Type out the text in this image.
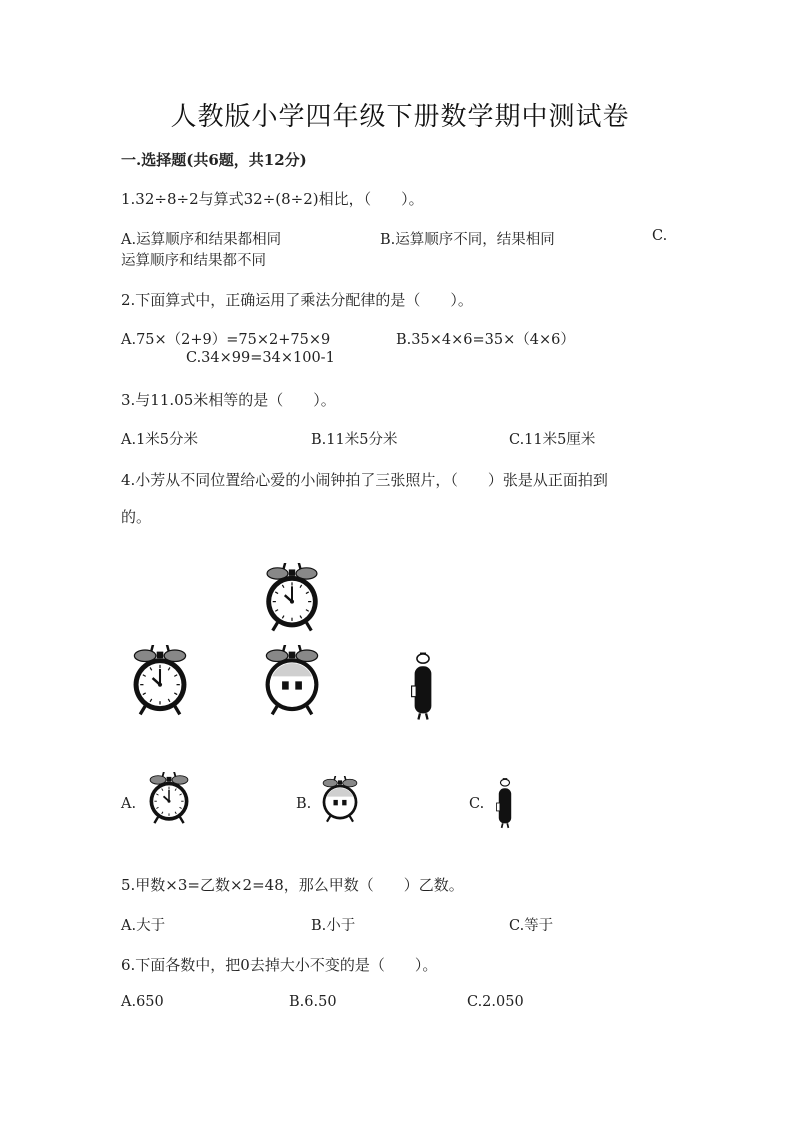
人教版小学四年级下册数学期中测试卷
一.选择题(共6题，共12分)
1.32÷8÷2与算式32÷(8÷2)相比，（　　）。
A.运算顺序和结果都相同	B.运算顺序不同，结果相同	C.
运算顺序和结果都不同
2.下面算式中，正确运用了乘法分配律的是（　　）。
A.75×（2+9）=75×2+75×9	B.35×4×6=35×（4×6）
C.34×99=34×100-1
3.与11.05米相等的是（　　）。
A.1米5分米	B.11米5分米	C.11米5厘米
4.小芳从不同位置给心爱的小闹钟拍了三张照片，（　　）张是从正面拍到
的。
A.	B.	C.
5.甲数×3=乙数×2=48，那么甲数（　　）乙数。
A.大于	B.小于	C.等于
6.下面各数中，把0去掉大小不变的是（　　）。
A.650	B.6.50	C.2.050
